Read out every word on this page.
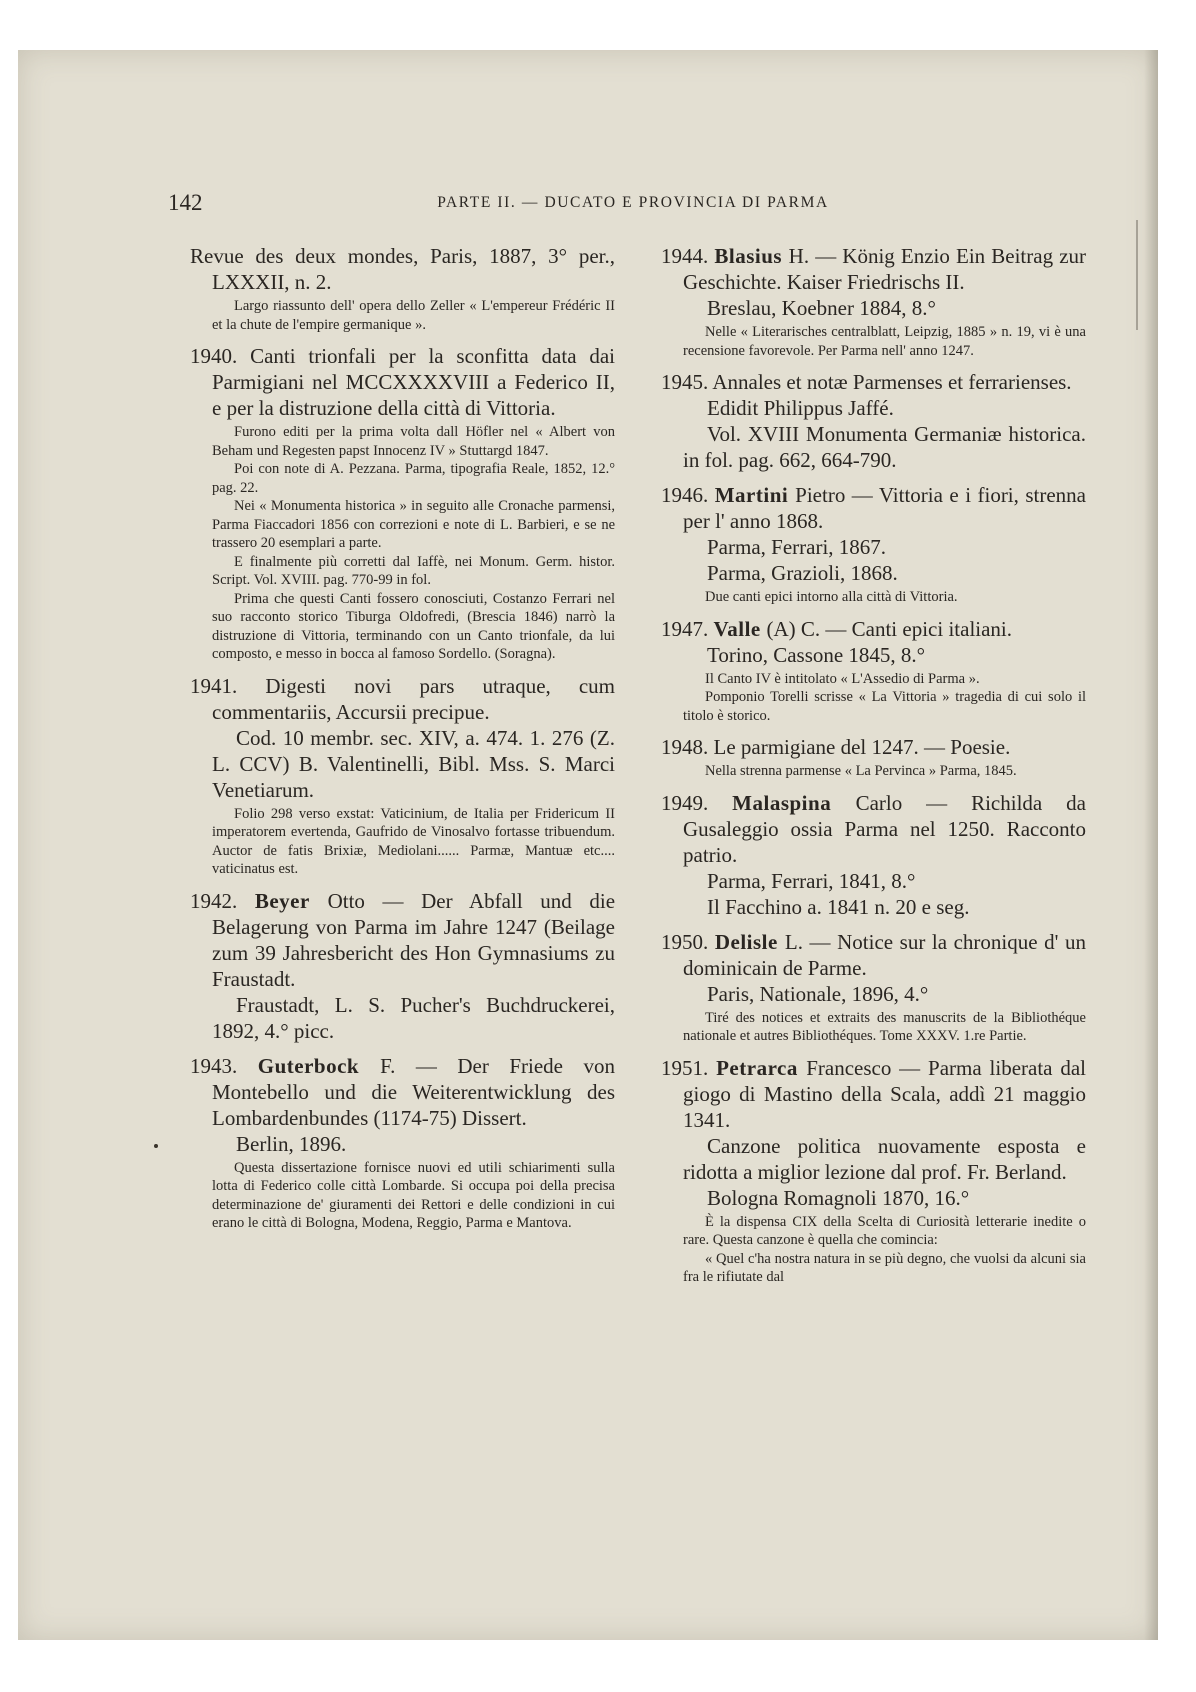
142	PARTE II. — DUCATO E PROVINCIA DI PARMA
Revue des deux mondes, Paris, 1887, 3° per., LXXXII, n. 2.

Largo riassunto dell' opera dello Zeller « L'empereur Frédéric II et la chute de l'empire germanique ».

1940. Canti trionfali per la sconfitta data dai Parmigiani nel MCCXXXXVIII a Federico II, e per la distruzione della città di Vittoria.

Furono editi per la prima volta dall Höfler nel « Albert von Beham und Regesten papst Innocenz IV » Stuttargd 1847.

Poi con note di A. Pezzana. Parma, tipografia Reale, 1852, 12.° pag. 22.

Nei « Monumenta historica » in seguito alle Cronache parmensi, Parma Fiaccadori 1856 con correzioni e note di L. Barbieri, e se ne trassero 20 esemplari a parte.

E finalmente più corretti dal Iaffè, nei Monum. Germ. histor. Script. Vol. XVIII. pag. 770-99 in fol.

Prima che questi Canti fossero conosciuti, Costanzo Ferrari nel suo racconto storico Tiburga Oldofredi, (Brescia 1846) narrò la distruzione di Vittoria, terminando con un Canto trionfale, da lui composto, e messo in bocca al famoso Sordello. (Soragna).

1941. Digesti novi pars utraque, cum commentariis, Accursii precipue.
Cod. 10 membr. sec. XIV, a. 474. 1. 276 (Z. L. CCV) B. Valentinelli, Bibl. Mss. S. Marci Venetiarum.

Folio 298 verso exstat: Vaticinium, de Italia per Fridericum II imperatorem evertenda, Gaufrido de Vinosalvo fortasse tribuendum. Auctor de fatis Brixiæ, Mediolani...... Parmæ, Mantuæ etc.... vaticinatus est.

1942. Beyer Otto — Der Abfall und die Belagerung von Parma im Jahre 1247 (Beilage zum 39 Jahresbericht des Hon Gymnasiums zu Fraustadt.
Fraustadt, L. S. Pucher's Buchdruckerei, 1892, 4.° picc.
1943. Guterbock F. — Der Friede von Montebello und die Weiterentwicklung des Lombardenbundes (1174-75) Dissert.
Berlin, 1896.

Questa dissertazione fornisce nuovi ed utili schiarimenti sulla lotta di Federico colle città Lombarde. Si occupa poi della precisa determinazione de' giuramenti dei Rettori e delle condizioni in cui erano le città di Bologna, Modena, Reggio, Parma e Mantova.

1944. Blasius H. — König Enzio Ein Beitrag zur Geschichte. Kaiser Friedrischs II.
Breslau, Koebner 1884, 8.°

Nelle « Literarisches centralblatt, Leipzig, 1885 » n. 19, vi è una recensione favorevole. Per Parma nell' anno 1247.

1945. Annales et notæ Parmenses et ferrarienses.
Edidit Philippus Jaffé.
Vol. XVIII Monumenta Germaniæ historica. in fol. pag. 662, 664-790.
1946. Martini Pietro — Vittoria e i fiori, strenna per l' anno 1868.
Parma, Ferrari, 1867.
Parma, Grazioli, 1868.

Due canti epici intorno alla città di Vittoria.

1947. Valle (A) C. — Canti epici italiani.
Torino, Cassone 1845, 8.°

Il Canto IV è intitolato « L'Assedio di Parma ».

Pomponio Torelli scrisse « La Vittoria » tragedia di cui solo il titolo è storico.

1948. Le parmigiane del 1247. — Poesie.

Nella strenna parmense « La Pervinca » Parma, 1845.

1949. Malaspina Carlo — Richilda da Gusaleggio ossia Parma nel 1250. Racconto patrio.
Parma, Ferrari, 1841, 8.°
Il Facchino a. 1841 n. 20 e seg.
1950. Delisle L. — Notice sur la chronique d' un dominicain de Parme.
Paris, Nationale, 1896, 4.°

Tiré des notices et extraits des manuscrits de la Bibliothéque nationale et autres Bibliothéques. Tome XXXV. 1.re Partie.

1951. Petrarca Francesco — Parma liberata dal giogo di Mastino della Scala, addì 21 maggio 1341.
Canzone politica nuovamente esposta e ridotta a miglior lezione dal prof. Fr. Berland.
Bologna Romagnoli 1870, 16.°

È la dispensa CIX della Scelta di Curiosità letterarie inedite o rare. Questa canzone è quella che comincia:

« Quel c'ha nostra natura in se più degno, che vuolsi da alcuni sia fra le rifiutate dal
